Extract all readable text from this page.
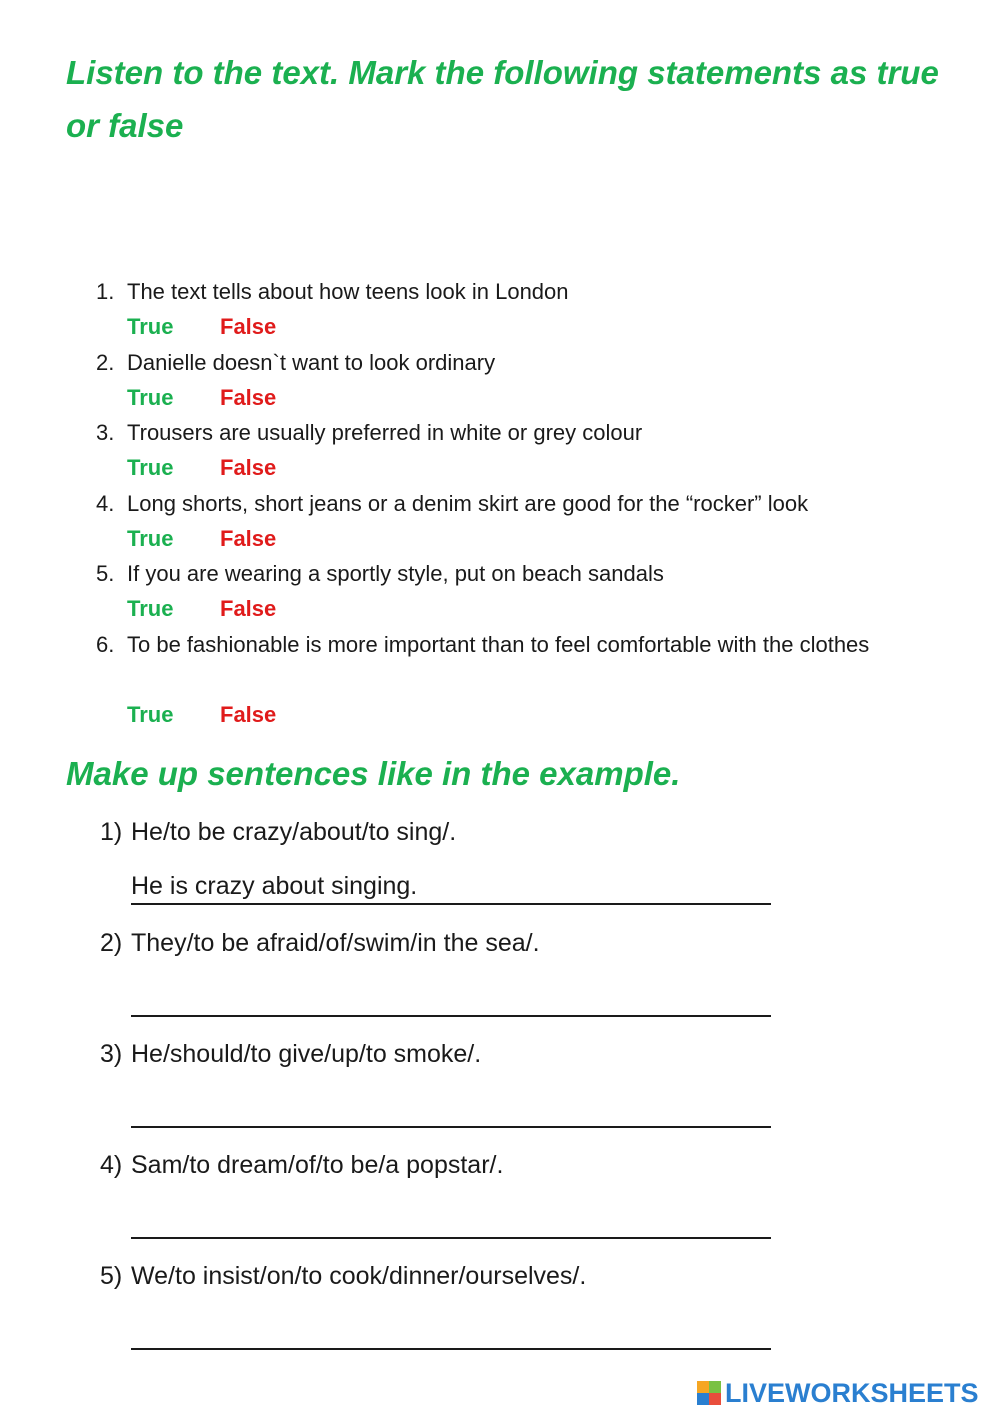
Listen to the text. Mark the following statements as true or false
1. The text tells about how teens look in London
True False
2. Danielle doesn`t want to look ordinary
True False
3. Trousers are usually preferred in white or grey colour
True False
4. Long shorts, short jeans or a denim skirt are good for the “rocker” look
True False
5. If you are wearing a sportly style, put on beach sandals
True False
6. To be fashionable is more important than to feel comfortable with the clothes
True False
Make up sentences like in the example.
1) He/to be crazy/about/to sing/.
He is crazy about singing.
2) They/to be afraid/of/swim/in the sea/.
3) He/should/to give/up/to smoke/.
4) Sam/to dream/of/to be/a popstar/.
5) We/to insist/on/to cook/dinner/ourselves/.
LIVEWORKSHEETS
